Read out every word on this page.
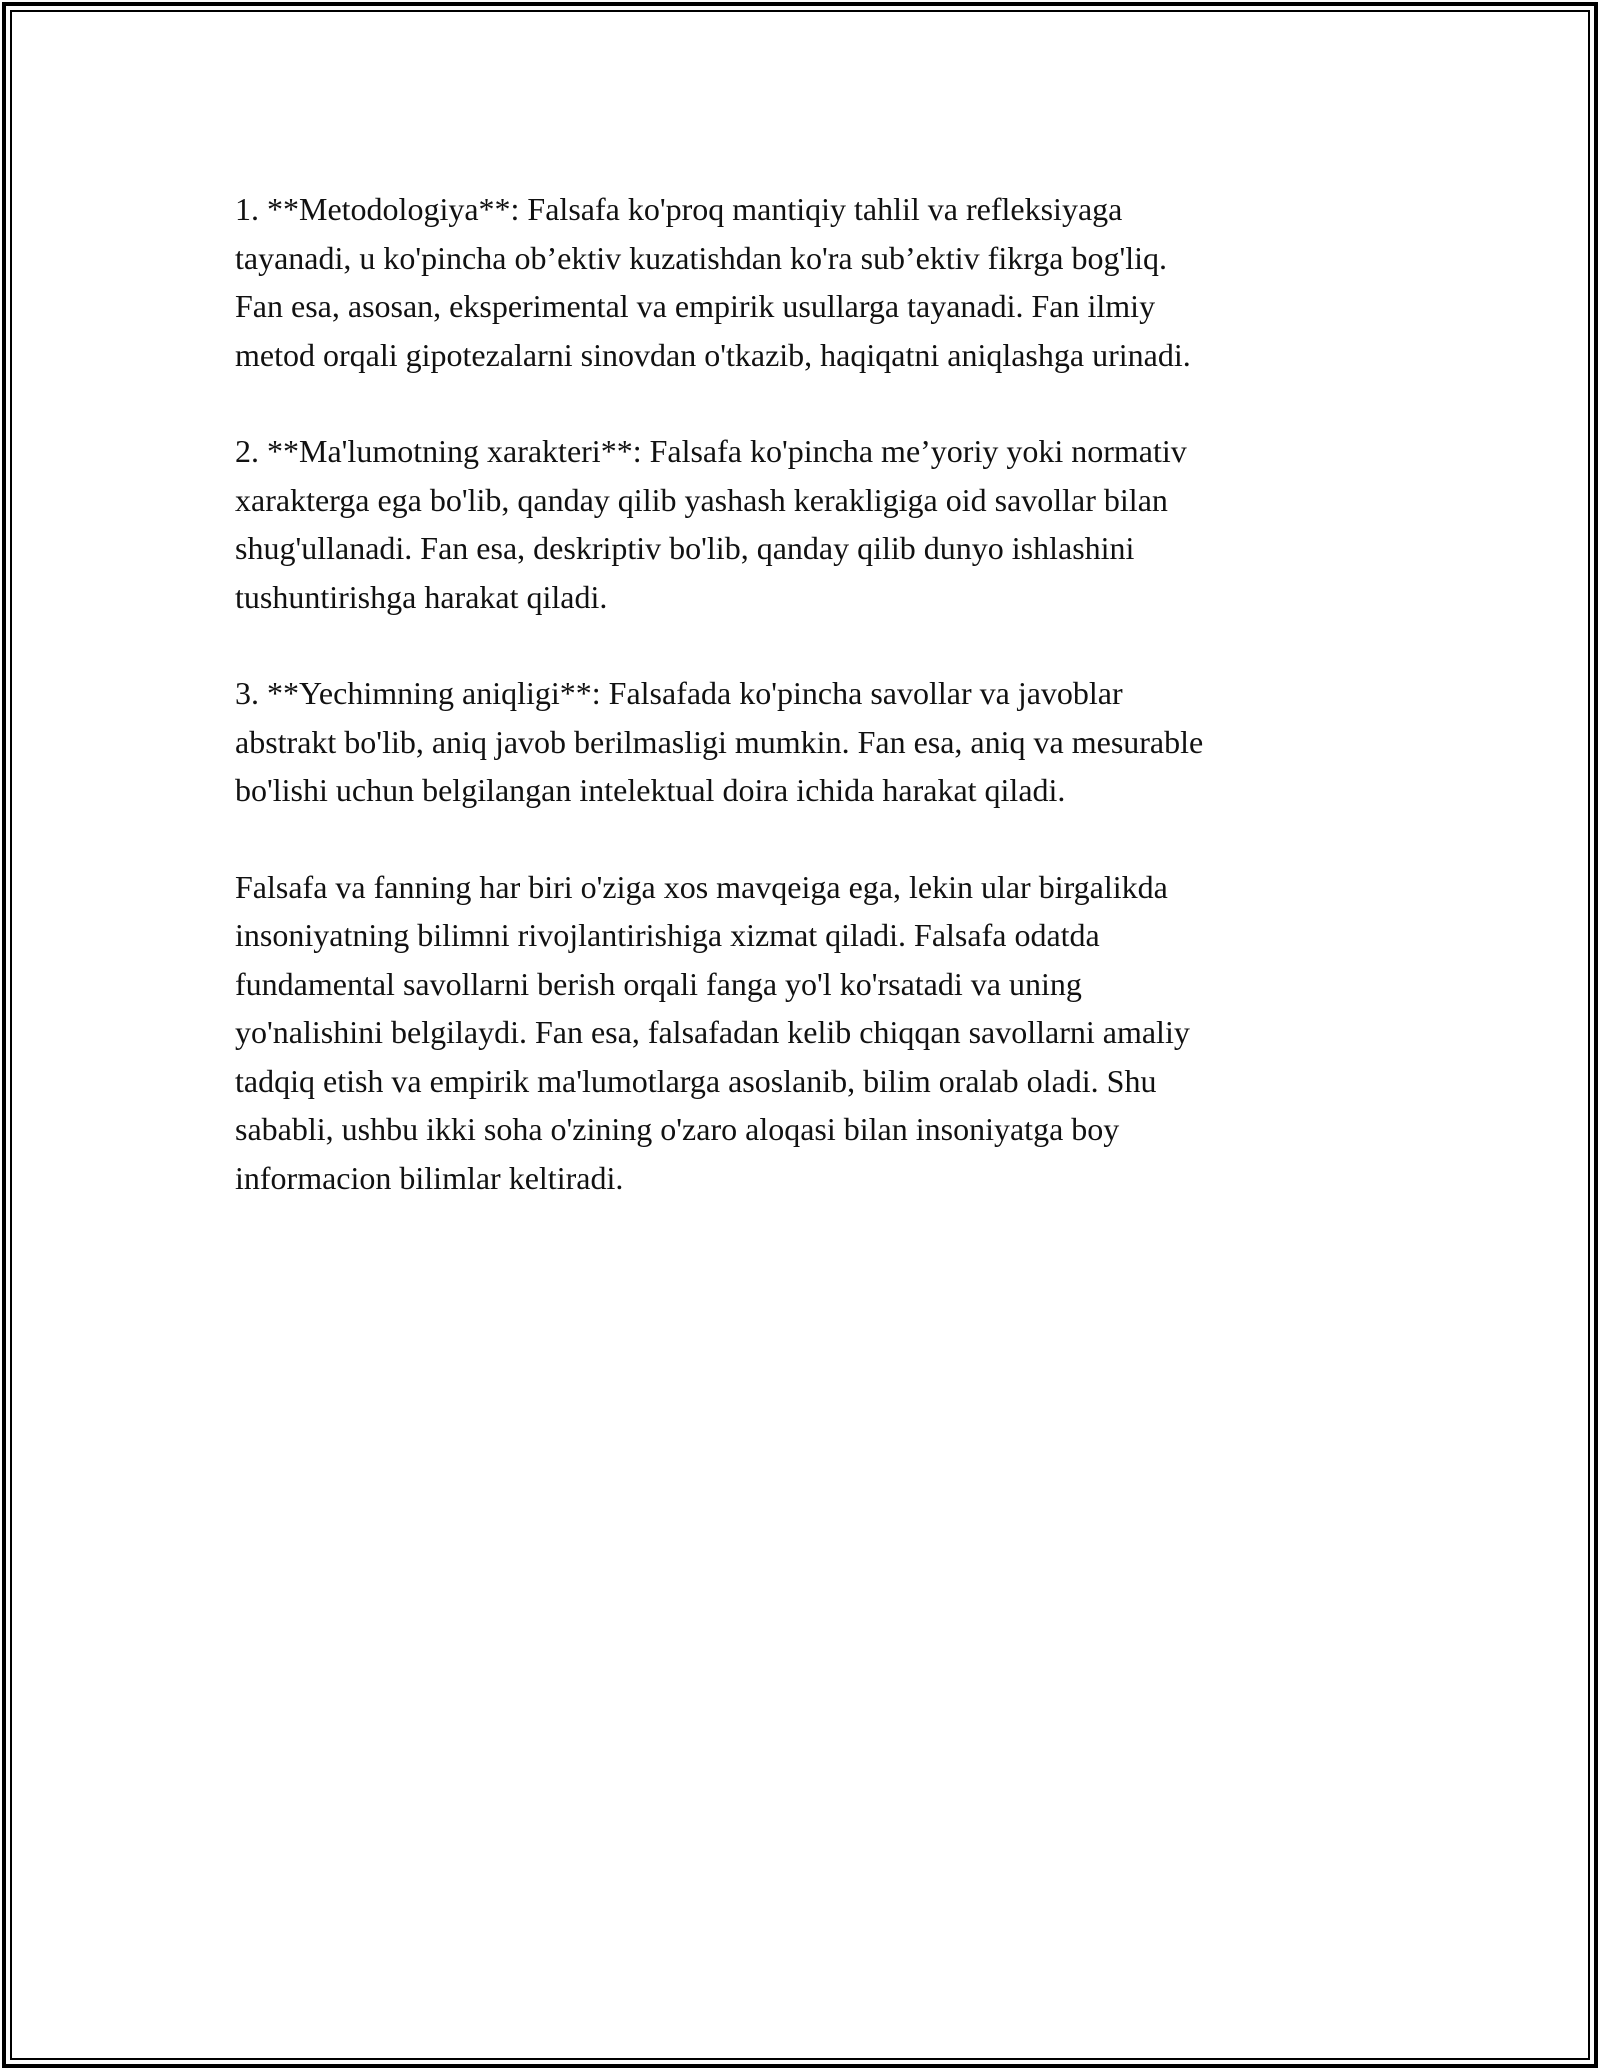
1. **Metodologiya**: Falsafa ko'proq mantiqiy tahlil va refleksiyaga
tayanadi, u ko'pincha ob’ektiv kuzatishdan ko'ra sub’ektiv fikrga bog'liq.
Fan esa, asosan, eksperimental va empirik usullarga tayanadi. Fan ilmiy
metod orqali gipotezalarni sinovdan o'tkazib, haqiqatni aniqlashga urinadi.

2. **Ma'lumotning xarakteri**: Falsafa ko'pincha me’yoriy yoki normativ
xarakterga ega bo'lib, qanday qilib yashash kerakligiga oid savollar bilan
shug'ullanadi. Fan esa, deskriptiv bo'lib, qanday qilib dunyo ishlashini
tushuntirishga harakat qiladi.

3. **Yechimning aniqligi**: Falsafada ko'pincha savollar va javoblar
abstrakt bo'lib, aniq javob berilmasligi mumkin. Fan esa, aniq va mesurable
bo'lishi uchun belgilangan intelektual doira ichida harakat qiladi.

Falsafa va fanning har biri o'ziga xos mavqeiga ega, lekin ular birgalikda
insoniyatning bilimni rivojlantirishiga xizmat qiladi. Falsafa odatda
fundamental savollarni berish orqali fanga yo'l ko'rsatadi va uning
yo'nalishini belgilaydi. Fan esa, falsafadan kelib chiqqan savollarni amaliy
tadqiq etish va empirik ma'lumotlarga asoslanib, bilim oralab oladi. Shu
sababli, ushbu ikki soha o'zining o'zaro aloqasi bilan insoniyatga boy
informacion bilimlar keltiradi.
